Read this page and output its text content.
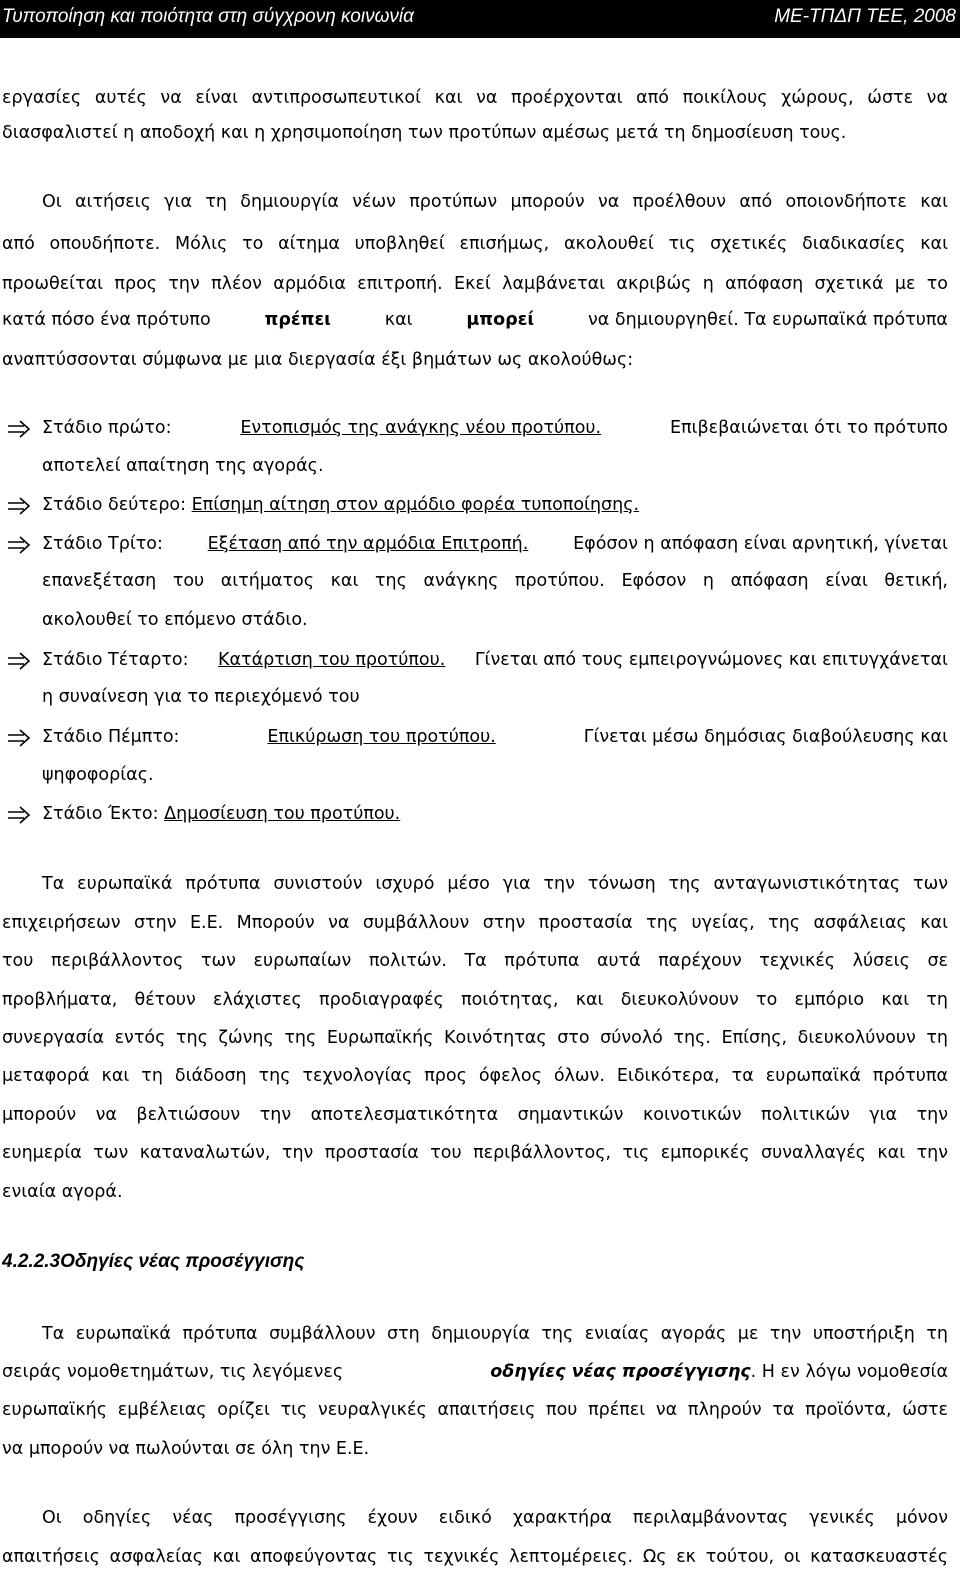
Τυποποίηση και ποιότητα στη σύγχρονη κοινωνία	ΜΕ-ΤΠΔΠ ΤΕΕ, 2008
εργασίες αυτές να είναι αντιπροσωπευτικοί και να προέρχονται από ποικίλους χώρους, ώστε να
διασφαλιστεί η αποδοχή και η χρησιμοποίηση των προτύπων αμέσως μετά τη δημοσίευση τους.
Οι αιτήσεις για τη δημιουργία νέων προτύπων μπορούν να προέλθουν από οποιονδήποτε και
από οπουδήποτε. Μόλις το αίτημα υποβληθεί επισήμως, ακολουθεί τις σχετικές διαδικασίες και
προωθείται προς την πλέον αρμόδια επιτροπή. Εκεί λαμβάνεται ακριβώς η απόφαση σχετικά με το
κατά πόσο ένα πρότυπο	πρέπει	και	μπορεί	να δημιουργηθεί. Τα ευρωπαϊκά πρότυπα
αναπτύσσονται σύμφωνα με μια διεργασία έξι βημάτων ως ακολούθως:
Στάδιο πρώτο:	Εντοπισμός της ανάγκης νέου προτύπου.	Επιβεβαιώνεται ότι το πρότυπο
αποτελεί απαίτηση της αγοράς.
Στάδιο δεύτερο: Επίσημη αίτηση στον αρμόδιο φορέα τυποποίησης.
Στάδιο Τρίτο:	Εξέταση από την αρμόδια Επιτροπή.	Εφόσον η απόφαση είναι αρνητική, γίνεται
επανεξέταση του αιτήματος και της ανάγκης προτύπου. Εφόσον η απόφαση είναι θετική,
ακολουθεί το επόμενο στάδιο.
Στάδιο Τέταρτο: Κατάρτιση του προτύπου. Γίνεται από τους εμπειρογνώμονες και επιτυγχάνεται
η συναίνεση για το περιεχόμενό του
Στάδιο Πέμπτο:	Επικύρωση του προτύπου.	Γίνεται μέσω δημόσιας διαβούλευσης και
ψηφοφορίας.
Στάδιο Έκτο: Δημοσίευση του προτύπου.
Τα ευρωπαϊκά πρότυπα συνιστούν ισχυρό μέσο για την τόνωση της ανταγωνιστικότητας των
επιχειρήσεων στην Ε.Ε. Μπορούν να συμβάλλουν στην προστασία της υγείας, της ασφάλειας και
του περιβάλλοντος των ευρωπαίων πολιτών. Τα πρότυπα αυτά παρέχουν τεχνικές λύσεις σε
προβλήματα, θέτουν ελάχιστες προδιαγραφές ποιότητας, και διευκολύνουν το εμπόριο και τη
συνεργασία εντός της ζώνης της Ευρωπαϊκής Κοινότητας στο σύνολό της. Επίσης, διευκολύνουν τη
μεταφορά και τη διάδοση της τεχνολογίας προς όφελος όλων. Ειδικότερα, τα ευρωπαϊκά πρότυπα
μπορούν να βελτιώσουν την αποτελεσματικότητα σημαντικών κοινοτικών πολιτικών για την
ευημερία των καταναλωτών, την προστασία του περιβάλλοντος, τις εμπορικές συναλλαγές και την
ενιαία αγορά.
4.2.2.3Οδηγίες νέας προσέγγισης
Τα ευρωπαϊκά πρότυπα συμβάλλουν στη δημιουργία της ενιαίας αγοράς με την υποστήριξη τη
σειράς νομοθετημάτων, τις λεγόμενες	οδηγίες νέας προσέγγισης. Η εν λόγω νομοθεσία
ευρωπαϊκής εμβέλειας ορίζει τις νευραλγικές απαιτήσεις που πρέπει να πληρούν τα προϊόντα, ώστε
να μπορούν να πωλούνται σε όλη την Ε.Ε.
Οι οδηγίες νέας προσέγγισης έχουν ειδικό χαρακτήρα περιλαμβάνοντας γενικές μόνον
απαιτήσεις ασφαλείας και αποφεύγοντας τις τεχνικές λεπτομέρειες. Ως εκ τούτου, οι κατασκευαστές
